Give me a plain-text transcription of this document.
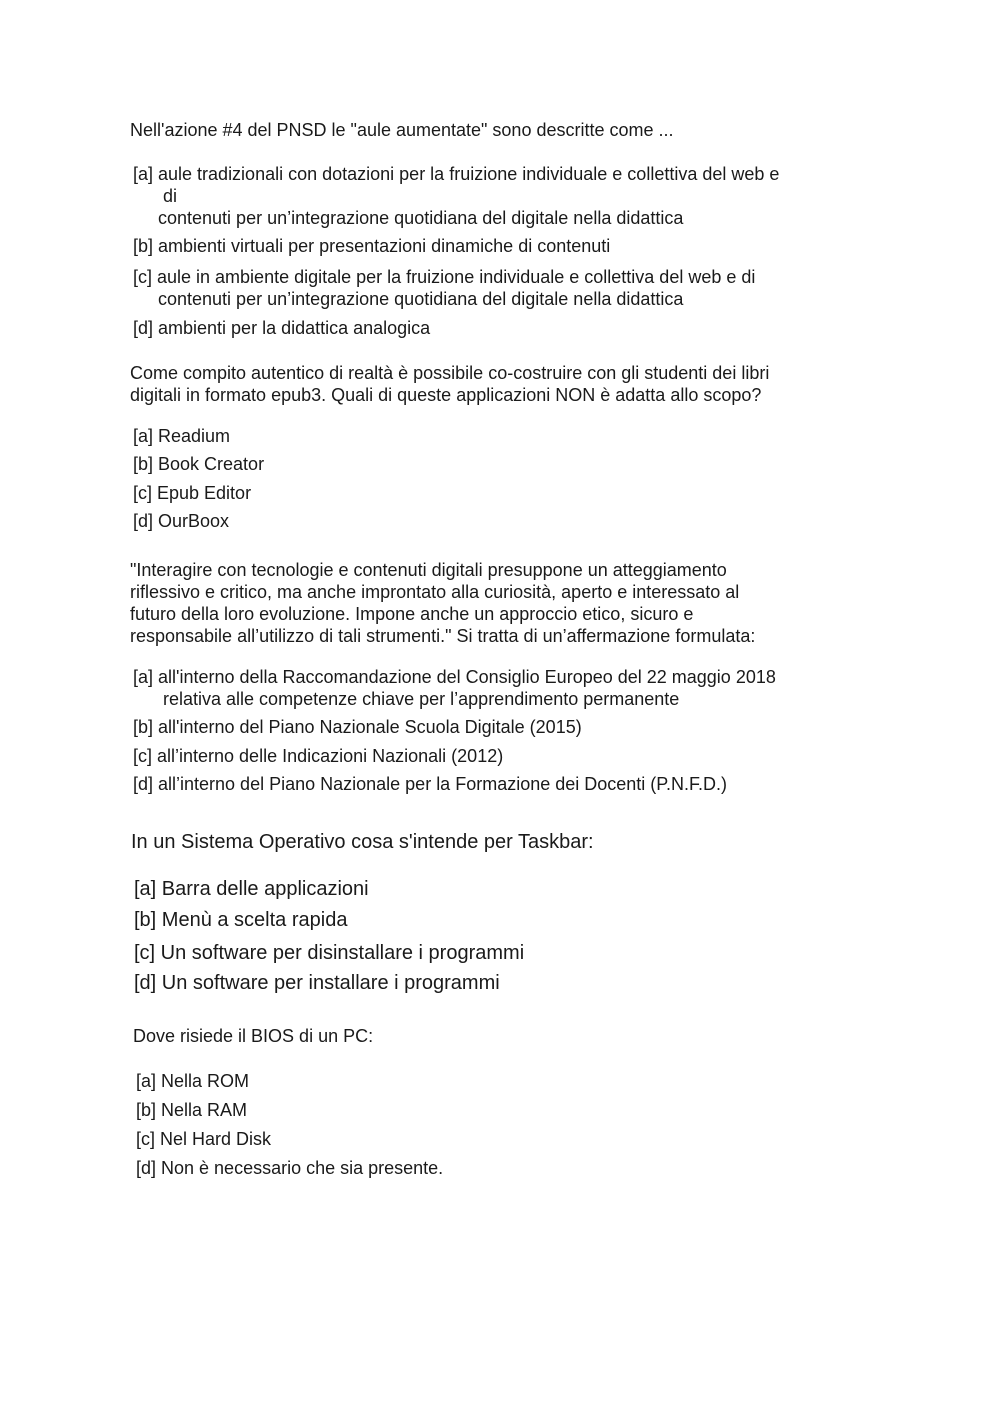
Nell'azione #4 del PNSD le "aule aumentate" sono descritte come ...
[a] aule tradizionali con dotazioni per la fruizione individuale e collettiva del web e
di
contenuti per un’integrazione quotidiana del digitale nella didattica
[b] ambienti virtuali per presentazioni dinamiche di contenuti
[c] aule in ambiente digitale per la fruizione individuale e collettiva del web e di
contenuti per un’integrazione quotidiana del digitale nella didattica
[d] ambienti per la didattica analogica
Come compito autentico di realtà è possibile co-costruire con gli studenti dei libri
digitali in formato epub3. Quali di queste applicazioni NON è adatta allo scopo?
[a] Readium
[b] Book Creator
[c] Epub Editor
[d] OurBoox
"Interagire con tecnologie e contenuti digitali presuppone un atteggiamento
riflessivo e critico, ma anche improntato alla curiosità, aperto e interessato al
futuro della loro evoluzione. Impone anche un approccio etico, sicuro e
responsabile all’utilizzo di tali strumenti." Si tratta di un’affermazione formulata:
[a] all'interno della Raccomandazione del Consiglio Europeo del 22 maggio 2018
relativa alle competenze chiave per l’apprendimento permanente
[b] all'interno del Piano Nazionale Scuola Digitale (2015)
[c] all’interno delle Indicazioni Nazionali (2012)
[d] all’interno del Piano Nazionale per la Formazione dei Docenti (P.N.F.D.)
In un Sistema Operativo cosa s'intende per Taskbar:
[a] Barra delle applicazioni
[b] Menù a scelta rapida
[c] Un software per disinstallare i programmi
[d] Un software per installare i programmi
Dove risiede il BIOS di un PC:
[a] Nella ROM
[b] Nella RAM
[c] Nel Hard Disk
[d] Non è necessario che sia presente.
